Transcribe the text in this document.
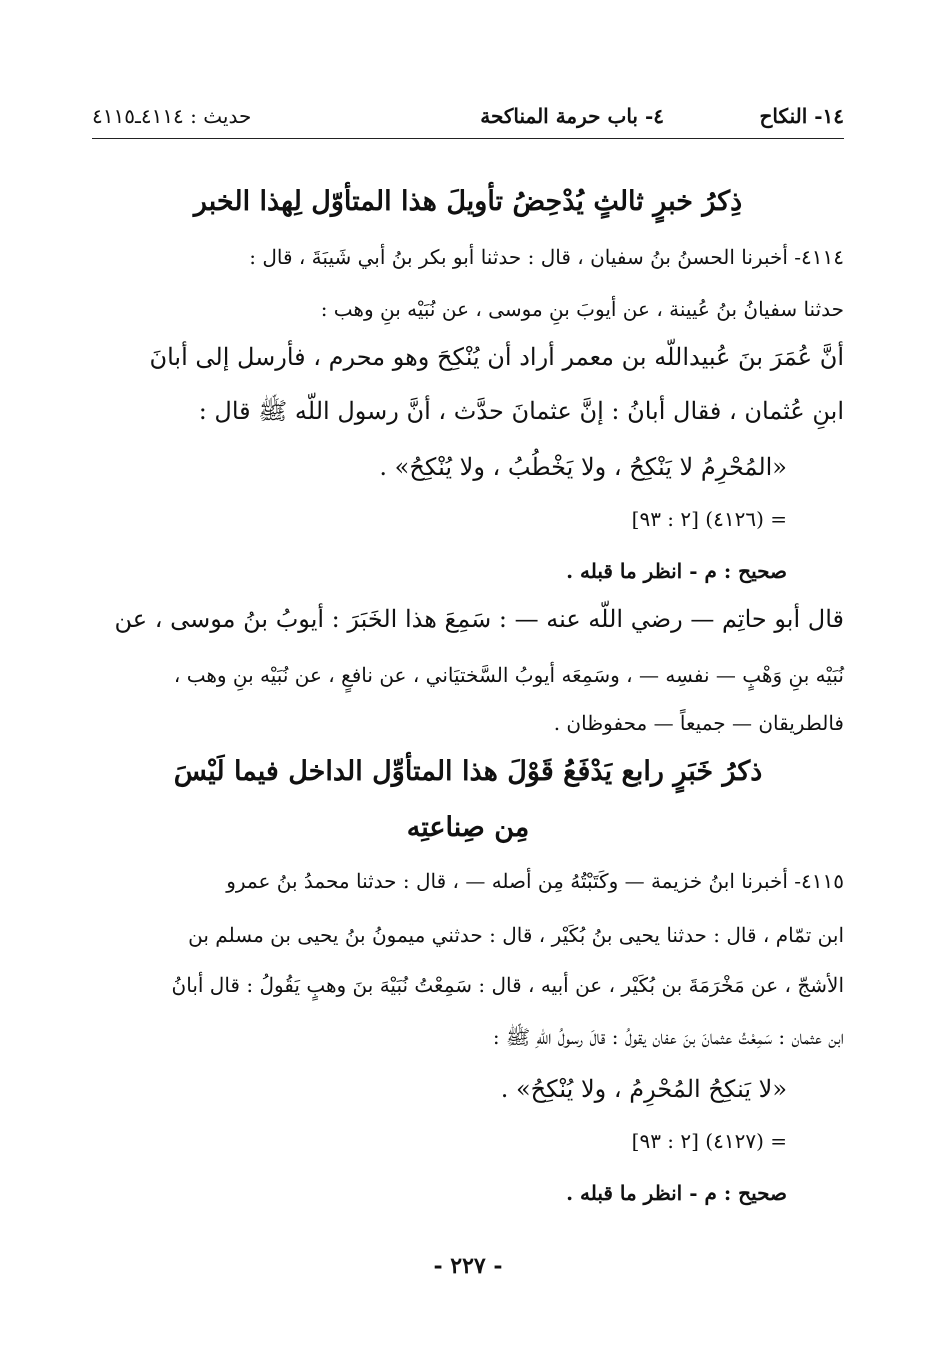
١٤- النكاح
٤- باب حرمة المناكحة
حديث : ٤١١٤ـ٤١١٥
ذِكرُ خبرٍ ثالثٍ يُدْحِضُ تأويلَ هذا المتأوّل لِهذا الخبر
٤١١٤- أخبرنا الحسنُ بنُ سفيان ، قال : حدثنا أبو بكر بنُ أبي شَيبَةَ ، قال :
حدثنا سفيانُ بنُ عُيينة ، عن أيوبَ بنِ موسى ، عن نُبَيْه بنِ وهب :
أنَّ عُمَرَ بنَ عُبيداللّه بن معمر أراد أن يُنْكِحَ وهو محرم ، فأرسل إلى أبانَ
ابنِ عُثمان ، فقال أبانُ : إنَّ عثمانَ حدَّث ، أنَّ رسول اللّه ﷺ قال :
«المُحْرِمُ لا يَنْكِحُ ، ولا يَخْطُبُ ، ولا يُنْكِحُ» .
= (٤١٢٦) [٢ : ٩٣]
صحيح : م - انظر ما قبله .
قال أبو حاتِم — رضي اللّه عنه — : سَمِعَ هذا الخَبَرَ : أيوبُ بنُ موسى ، عن
نُبَيْه بنِ وَهْبٍ — نفسِه — ، وسَمِعَه أيوبُ السَّختيَاني ، عن نافعٍ ، عن نُبَيْه بنِ وهب ،
فالطريقان — جميعاً — محفوظان .
ذكرُ خَبَرٍ رابع يَدْفَعُ قَوْلَ هذا المتأوِّل الداخل فيما لَيْسَ
مِن صِناعتِه
٤١١٥- أخبرنا ابنُ خزيمة — وكَتَبْتُهُ مِن أصله — ، قال : حدثنا محمدُ بنُ عمرو
ابن تمّام ، قال : حدثنا يحيى بنُ بُكَيْر ، قال : حدثني ميمونُ بنُ يحيى بن مسلم بن
الأشجّ ، عن مَخْرَمَةَ بن بُكَيْر ، عن أبيه ، قال : سَمِعْتُ نُبَيْهَ بنَ وهبٍ يَقُولُ : قال أبانُ
ابن عثمان : سَمِعْتُ عثمانَ بنَ عفان يقولُ : قالَ رسولُ اللّهِ ﷺ :
«لا يَنكِحُ المُحْرِمُ ، ولا يُنْكِحُ» .
= (٤١٢٧) [٢ : ٩٣]
صحيح : م - انظر ما قبله .
- ٢٢٧ -
